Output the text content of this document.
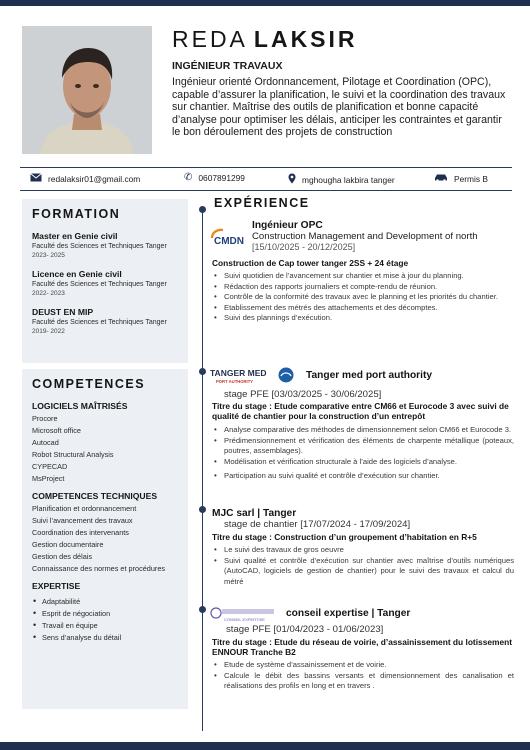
REDA LAKSIR
INGÉNIEUR TRAVAUX
Ingénieur orienté Ordonnancement, Pilotage et Coordination (OPC), capable d’assurer la planification, le suivi et la coordination des travaux sur chantier. Maîtrise des outils de planification et bonne capacité d’analyse pour optimiser les délais, anticiper les contraintes et garantir le bon déroulement des projets de construction
redalaksir01@gmail.com	✆ 0607891299	mghougha lakbira tanger	Permis B
FORMATION
Master en Genie civil
Faculté des Sciences et Techniques Tanger
2023- 2025
Licence en Genie civil
Faculté des Sciences et Techniques Tanger
2022- 2023
DEUST EN MIP
Faculté des Sciences et Techniques Tanger
2019- 2022
COMPETENCES
LOGICIELS MAÎTRISÉS
Procore
Microsoft office
Autocad
Robot Structural Analysis
CYPECAD
MsProject
COMPETENCES TECHNIQUES
Planification et ordonnancement
Suivi l’avancement des travaux
Coordination des intervenants
Gestion documentaire
Gestion des délais
Connaissance des normes et procédures
EXPERTISE
• Adaptabilité
• Esprit de négociation
• Travail en équipe
• Sens d’analyse du détail
EXPÉRIENCE
CMDN
TANGER MED
PORT AUTHORITY
CONSEIL EXPERTISE
Ingénieur OPC
Construction Management and Development of north
[15/10/2025 - 20/12/2025]
Construction de Cap tower tanger 2SS + 24 étage
• Suivi quotidien de l’avancement sur chantier et mise à jour du planning.
• Rédaction des rapports journaliers et compte-rendu de réunion.
• Contrôle de la conformité des travaux avec le planning et les priorités du chantier.
• Etablissement des métrés des attachements et des décomptes.
• Suivi des plannings d’exécution.
Tanger med port authority
stage PFE [03/03/2025 - 30/06/2025]
Titre du stage : Etude comparative entre CM66 et Eurocode 3 avec suivi de qualité de chantier pour la construction d’un entrepôt
• Analyse comparative des méthodes de dimensionnement selon CM66 et Eurocode 3.
• Prédimensionnement et vérification des éléments de charpente métallique (poteaux, poutres, assemblages).
• Modélisation et vérification structurale à l’aide des logiciels d’analyse.
• Participation au suivi qualité et contrôle d’exécution sur chantier.
MJC sarl | Tanger
stage de chantier [17/07/2024 - 17/09/2024]
Titre du stage : Construction d’un groupement d’habitation en R+5
• Le suivi des travaux de gros oeuvre
• Suivi qualité et contrôle d’exécution sur chantier avec maîtrise d’outils numériques (AutoCAD, logiciels de gestion de chantier) pour le suivi des travaux et calcul du métré
conseil expertise | Tanger
stage PFE [01/04/2023 - 01/06/2023]
Titre du stage : Etude du réseau de voirie, d’assainissement du lotissement ENNOUR Tranche B2
• Etude de système d’assainissement et de voirie.
• Calcule le débit des bassins versants et dimensionnement des canalisation et réalisations des profils en long et en travers .
